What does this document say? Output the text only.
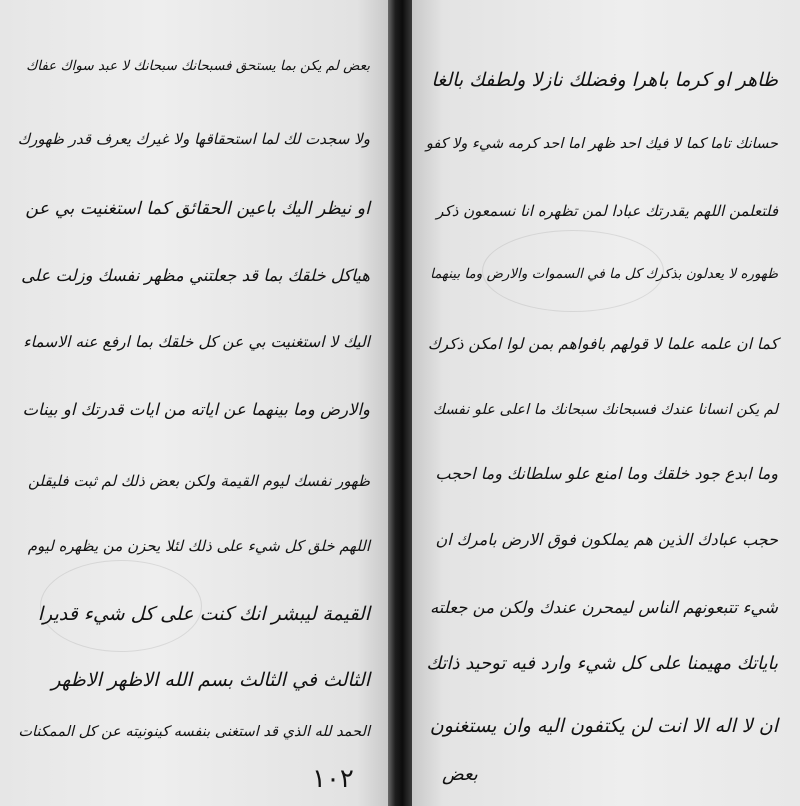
بعض لم يكن بما يستحق فسبحانك سبحانك لا عبد سواك عفاك
ولا سجدت لك لما استحقاقها ولا غيرك يعرف قدر ظهورك
او نيظر اليك باعين الحقائق كما استغنيت بي عن
هياكل خلقك بما قد جعلتني مظهر نفسك وزلت على
اليك لا استغنيت بي عن كل خلقك بما ارفع عنه الاسماء
والارض وما بينهما عن اياته من ايات قدرتك او بينات
ظهور نفسك ليوم القيمة ولكن بعض ذلك لم ثبت فليقلن
اللهم خلق كل شيء على ذلك لئلا يحزن من يظهره ليوم
القيمة ليبشر انك كنت على كل شيء قديرا
الثالث في الثالث بسم الله الاظهر الاظهر
الحمد لله الذي قد استغنى بنفسه كينونيته عن كل الممكنات
١٠٢
ظاهر او كرما باهرا وفضلك نازلا ولطفك بالغا
حسانك تاما كما لا فيك احد ظهر اما احد كرمه شيء ولا كفو
فلتعلمن اللهم يقدرتك عبادا لمن تظهره انا نسمعون ذكر
ظهوره لا يعدلون بذكرك كل ما في السموات والارض وما بينهما
كما ان علمه علما لا قولهم بافواهم بمن لوا امكن ذكرك
لم يكن انسانا عندك فسبحانك سبحانك ما اعلى علو نفسك
وما ابدع جود خلقك وما امنع علو سلطانك وما احجب
حجب عبادك الذين هم يملكون فوق الارض بامرك ان
شيء تتبعونهم الناس ليمحرن عندك ولكن من جعلته
باياتك مهيمنا على كل شيء وارد فيه توحيد ذاتك
ان لا اله الا انت لن يكتفون اليه وان يستغنون
بعض
